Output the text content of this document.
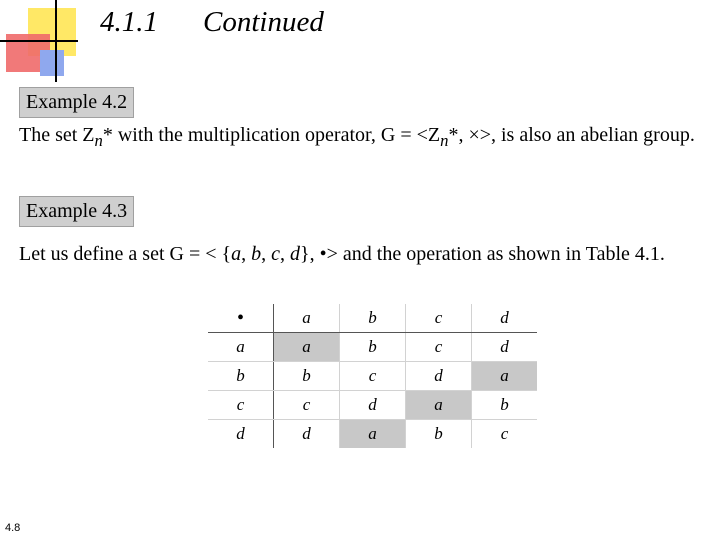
4.1.1 Continued
Example 4.2
The set $Z_n*$ with the multiplication operator, $G = <Z_n*$, ×>, is also an abelian group.
Example 4.3
Let us define a set G = < {a, b, c, d}, •> and the operation as shown in Table 4.1.
•	a	b	c	d
a	a	b	c	d
b	b	c	d	a
c	c	d	a	b
d	d	a	b	c
4.8
